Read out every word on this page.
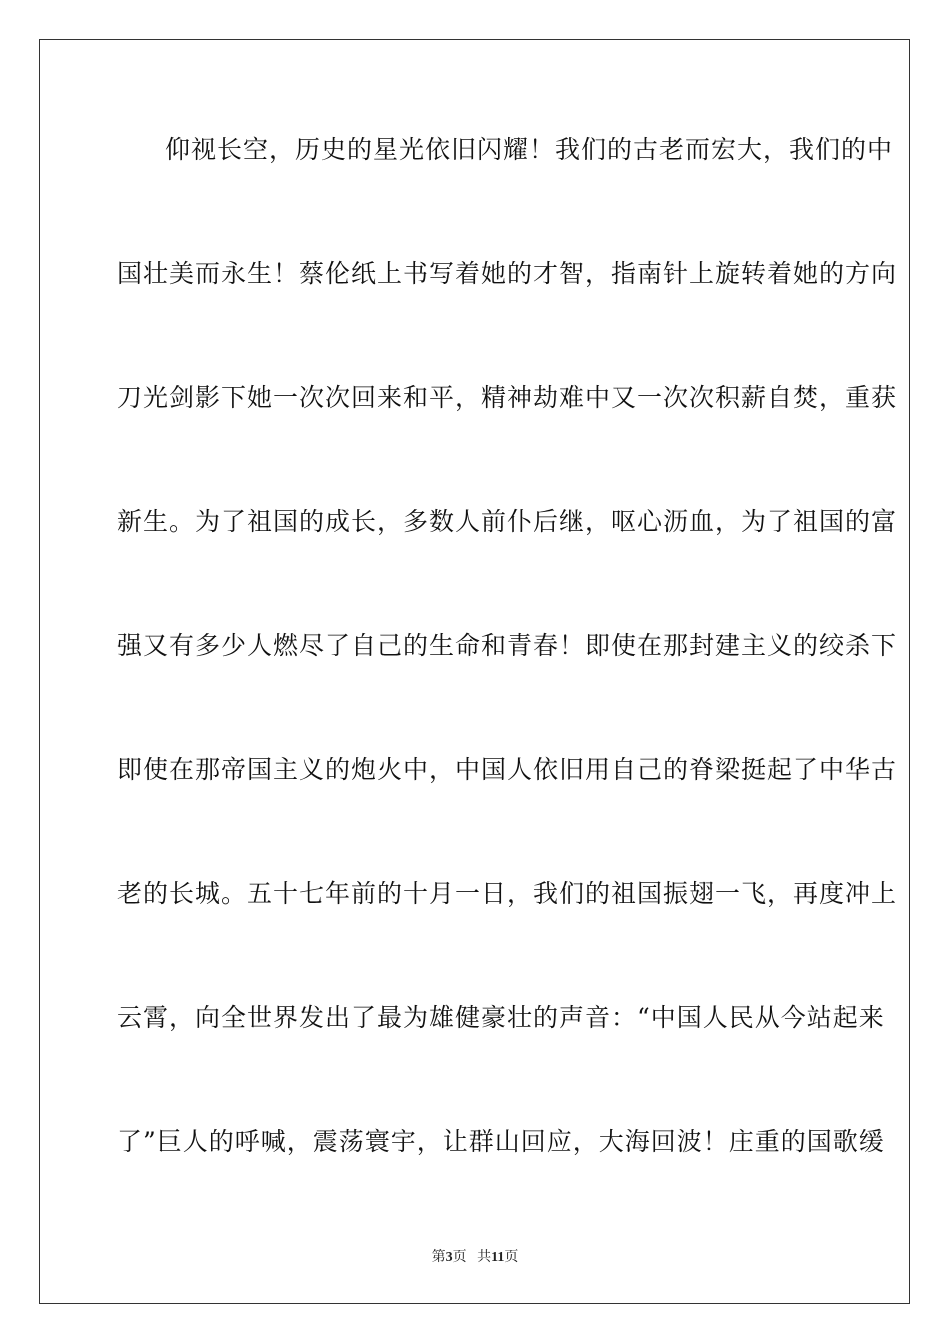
仰视长空，历史的星光依旧闪耀！我们的古老而宏大，我们的中
国壮美而永生！蔡伦纸上书写着她的才智，指南针上旋转着她的方向
刀光剑影下她一次次回来和平，精神劫难中又一次次积薪自焚，重获
新生。为了祖国的成长，多数人前仆后继，呕心沥血，为了祖国的富
强又有多少人燃尽了自己的生命和青春！即使在那封建主义的绞杀下
即使在那帝国主义的炮火中，中国人依旧用自己的脊梁挺起了中华古
老的长城。五十七年前的十月一日，我们的祖国振翅一飞，再度冲上
云霄，向全世界发出了最为雄健豪壮的声音：“中国人民从今站起来
了”巨人的呼喊，震荡寰宇，让群山回应，大海回波！庄重的国歌缓
第3页 共11页
